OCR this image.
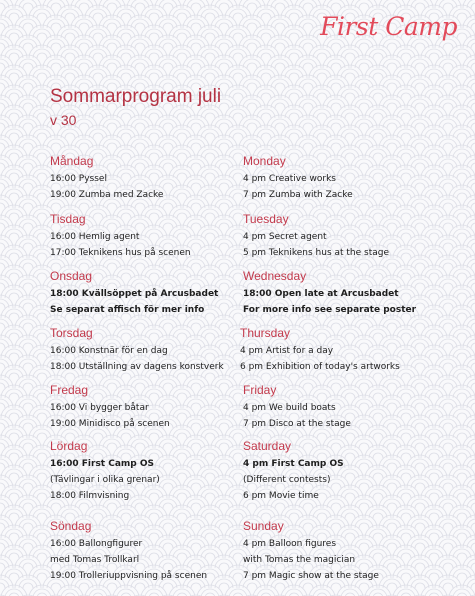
First Camp
Sommarprogram juli
v 30
Måndag
16:00 Pyssel
19:00 Zumba med Zacke
Monday
4 pm Creative works
7 pm Zumba with Zacke
Tisdag
16:00 Hemlig agent
17:00 Teknikens hus på scenen
Tuesday
4 pm Secret agent
5 pm Teknikens hus at the stage
Onsdag
18:00 Kvällsöppet på Arcusbadet
Se separat affisch för mer info
Wednesday
18:00 Open late at Arcusbadet
For more info see separate poster
Torsdag
16:00 Konstnär för en dag
18:00 Utställning av dagens konstverk
Thursday
4 pm Artist for a day
6 pm Exhibition of today's artworks
Fredag
16:00 Vi bygger båtar
19:00 Minidisco på scenen
Friday
4 pm We build boats
7 pm Disco at the stage
Lördag
16:00 First Camp OS
(Tävlingar i olika grenar)
18:00 Filmvisning
Saturday
4 pm First Camp OS
(Different contests)
6 pm Movie time
Söndag
16:00 Ballongfigurer
med Tomas Trollkarl
19:00 Trolleriuppvisning på scenen
Sunday
4 pm Balloon figures
with Tomas the magician
7 pm Magic show at the stage
